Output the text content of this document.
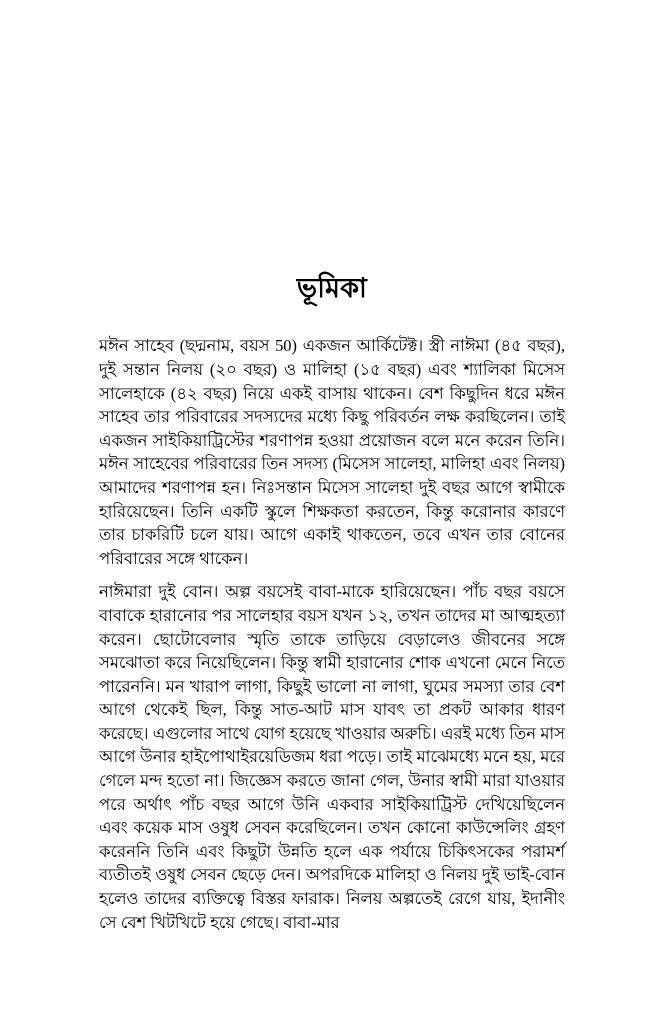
ভূমিকা

মঈন সাহেব (ছদ্মনাম, বয়স 50) একজন আর্কিটেক্ট। স্ত্রী নাঈমা (৪৫ বছর), দুই সন্তান নিলয় (২০ বছর) ও মালিহা (১৫ বছর) এবং শ্যালিকা মিসেস সালেহাকে (৪২ বছর) নিয়ে একই বাসায় থাকেন। বেশ কিছুদিন ধরে মঈন সাহেব তার পরিবারের সদস্যদের মধ্যে কিছু পরিবর্তন লক্ষ করছিলেন। তাই একজন সাইকিয়াট্রিস্টের শরণাপন্ন হওয়া প্রয়োজন বলে মনে করেন তিনি। মঈন সাহেবের পরিবারের তিন সদস্য (মিসেস সালেহা, মালিহা এবং নিলয়) আমাদের শরণাপন্ন হন। নিঃসন্তান মিসেস সালেহা দুই বছর আগে স্বামীকে হারিয়েছেন। তিনি একটি স্কুলে শিক্ষকতা করতেন, কিন্তু করোনার কারণে তার চাকরিটি চলে যায়। আগে একাই থাকতেন, তবে এখন তার বোনের পরিবারের সঙ্গে থাকেন।

নাঈমারা দুই বোন। অল্প বয়সেই বাবা-মাকে হারিয়েছেন। পাঁচ বছর বয়সে বাবাকে হারানোর পর সালেহার বয়স যখন ১২, তখন তাদের মা আত্মহত্যা করেন। ছোটোবেলার স্মৃতি তাকে তাড়িয়ে বেড়ালেও জীবনের সঙ্গে সমঝোতা করে নিয়েছিলেন। কিন্তু স্বামী হারানোর শোক এখনো মেনে নিতে পারেননি। মন খারাপ লাগা, কিছুই ভালো না লাগা, ঘুমের সমস্যা তার বেশ আগে থেকেই ছিল, কিন্তু সাত-আট মাস যাবৎ তা প্রকট আকার ধারণ করেছে। এগুলোর সাথে যোগ হয়েছে খাওয়ার অরুচি। এরই মধ্যে তিন মাস আগে উনার হাইপোথাইরয়েডিজম ধরা পড়ে। তাই মাঝেমধ্যে মনে হয়, মরে গেলে মন্দ হতো না। জিজ্ঞেস করতে জানা গেল, উনার স্বামী মারা যাওয়ার পরে অর্থাৎ পাঁচ বছর আগে উনি একবার সাইকিয়াট্রিস্ট দেখিয়েছিলেন এবং কয়েক মাস ওষুধ সেবন করেছিলেন। তখন কোনো কাউন্সেলিং গ্রহণ করেননি তিনি এবং কিছুটা উন্নতি হলে এক পর্যায়ে চিকিৎসকের পরামর্শ ব্যতীতই ওষুধ সেবন ছেড়ে দেন। অপরদিকে মালিহা ও নিলয় দুই ভাই-বোন হলেও তাদের ব্যক্তিত্বে বিস্তর ফারাক। নিলয় অল্পতেই রেগে যায়, ইদানীং সে বেশ খিটখিটে হয়ে গেছে। বাবা-মার
